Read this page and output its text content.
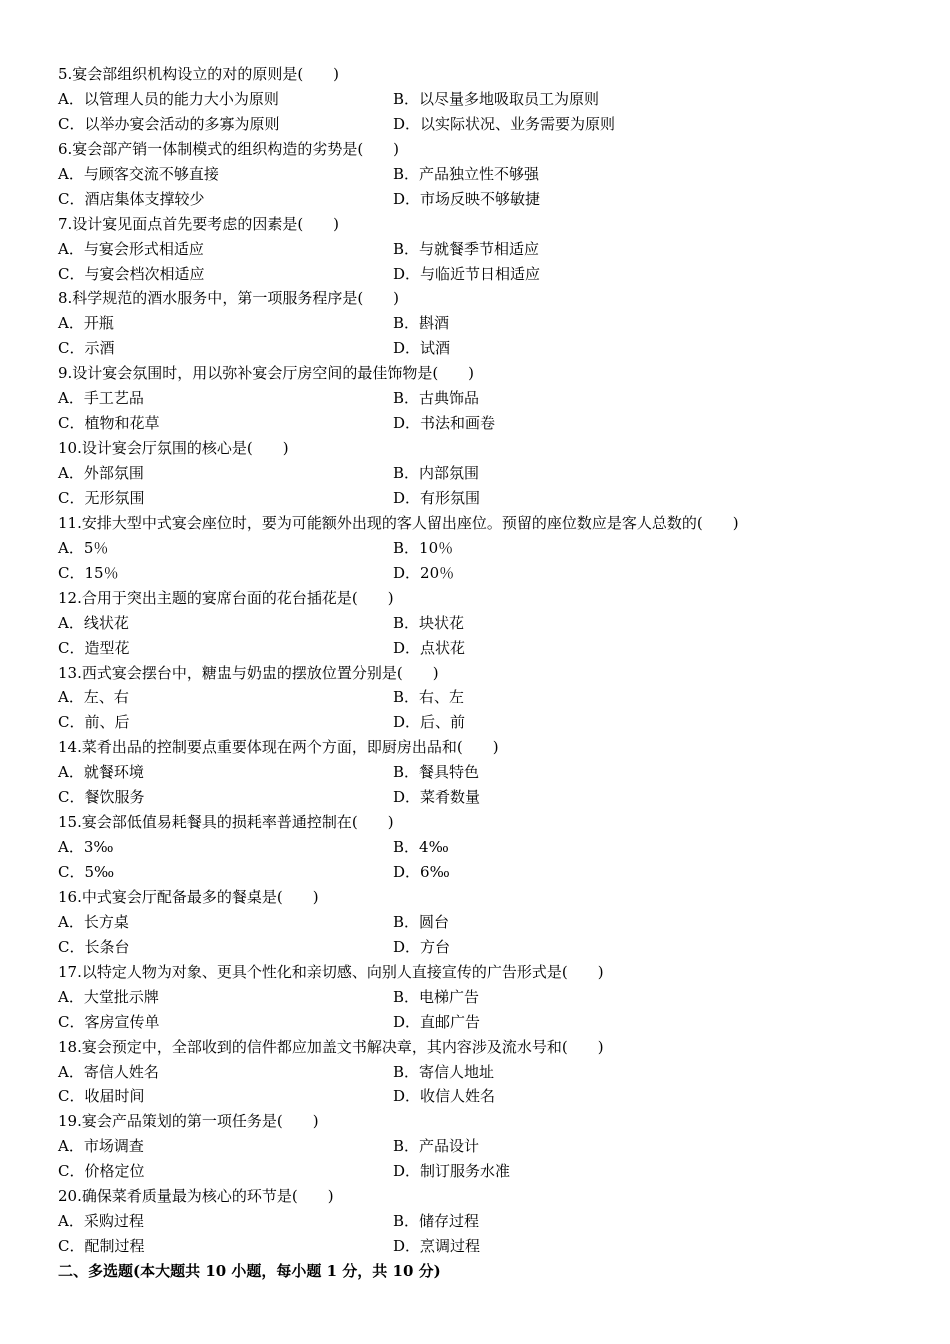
5.宴会部组织机构设立的对的原则是(　　)
A．以管理人员的能力大小为原则	B．以尽量多地吸取员工为原则
C．以举办宴会活动的多寡为原则	D．以实际状况、业务需要为原则
6.宴会部产销一体制模式的组织构造的劣势是(　　)
A．与顾客交流不够直接	B．产品独立性不够强
C．酒店集体支撑较少	D．市场反映不够敏捷
7.设计宴见面点首先要考虑的因素是(　　)
A．与宴会形式相适应	B．与就餐季节相适应
C．与宴会档次相适应	D．与临近节日相适应
8.科学规范的酒水服务中，第一项服务程序是(　　)
A．开瓶	B．斟酒
C．示酒	D．试酒
9.设计宴会氛围时，用以弥补宴会厅房空间的最佳饰物是(　　)
A．手工艺品	B．古典饰品
C．植物和花草	D．书法和画卷
10.设计宴会厅氛围的核心是(　　)
A．外部氛围	B．内部氛围
C．无形氛围	D．有形氛围
11.安排大型中式宴会座位时，要为可能额外出现的客人留出座位。预留的座位数应是客人总数的(　　)
A．5％	B．10％
C．15％	D．20％
12.合用于突出主题的宴席台面的花台插花是(　　)
A．线状花	B．块状花
C．造型花	D．点状花
13.西式宴会摆台中，糖盅与奶盅的摆放位置分别是(　　)
A．左、右	B．右、左
C．前、后	D．后、前
14.菜肴出品的控制要点重要体现在两个方面，即厨房出品和(　　)
A．就餐环境	B．餐具特色
C．餐饮服务	D．菜肴数量
15.宴会部低值易耗餐具的损耗率普通控制在(　　)
A．3‰	B．4‰
C．5‰	D．6‰
16.中式宴会厅配备最多的餐桌是(　　)
A．长方桌	B．圆台
C．长条台	D．方台
17.以特定人物为对象、更具个性化和亲切感、向别人直接宣传的广告形式是(　　)
A．大堂批示牌	B．电梯广告
C．客房宣传单	D．直邮广告
18.宴会预定中，全部收到的信件都应加盖文书解决章，其内容涉及流水号和(　　)
A．寄信人姓名	B．寄信人地址
C．收届时间	D．收信人姓名
19.宴会产品策划的第一项任务是(　　)
A．市场调查	B．产品设计
C．价格定位	D．制订服务水准
20.确保菜肴质量最为核心的环节是(　　)
A．采购过程	B．储存过程
C．配制过程	D．烹调过程
二、多选题(本大题共 10 小题，每小题 1 分，共 10 分)
